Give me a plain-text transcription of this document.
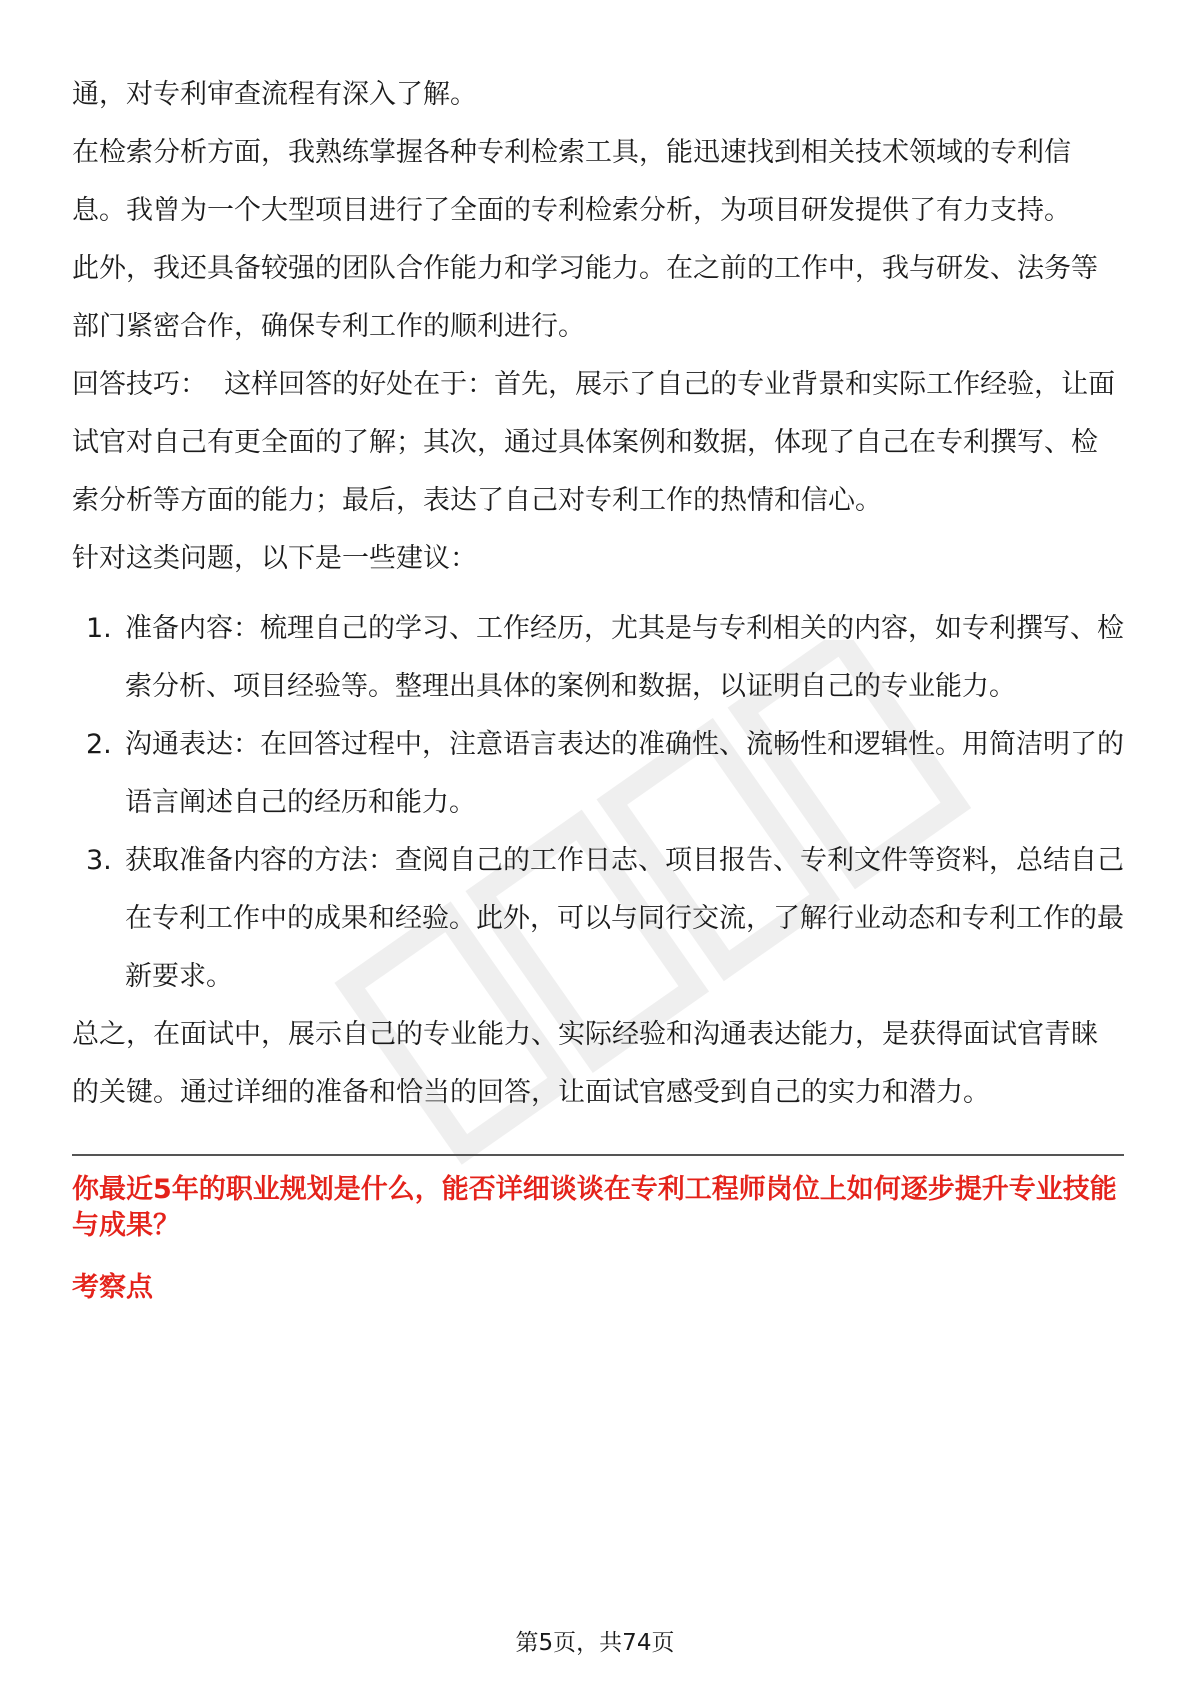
通，对专利审查流程有深入了解。

在检索分析方面，我熟练掌握各种专利检索工具，能迅速找到相关技术领域的专利信息。我曾为一个大型项目进行了全面的专利检索分析，为项目研发提供了有力支持。

此外，我还具备较强的团队合作能力和学习能力。在之前的工作中，我与研发、法务等部门紧密合作，确保专利工作的顺利进行。

回答技巧：  这样回答的好处在于：首先，展示了自己的专业背景和实际工作经验，让面试官对自己有更全面的了解；其次，通过具体案例和数据，体现了自己在专利撰写、检索分析等方面的能力；最后，表达了自己对专利工作的热情和信心。

针对这类问题，以下是一些建议：

1. 准备内容：梳理自己的学习、工作经历，尤其是与专利相关的内容，如专利撰写、检索分析、项目经验等。整理出具体的案例和数据，以证明自己的专业能力。
2. 沟通表达：在回答过程中，注意语言表达的准确性、流畅性和逻辑性。用简洁明了的语言阐述自己的经历和能力。
3. 获取准备内容的方法：查阅自己的工作日志、项目报告、专利文件等资料，总结自己在专利工作中的成果和经验。此外，可以与同行交流，了解行业动态和专利工作的最新要求。

总之，在面试中，展示自己的专业能力、实际经验和沟通表达能力，是获得面试官青睐的关键。通过详细的准备和恰当的回答，让面试官感受到自己的实力和潜力。

你最近5年的职业规划是什么，能否详细谈谈在专利工程师岗位上如何逐步提升专业技能与成果？

考察点

第5页，共74页
